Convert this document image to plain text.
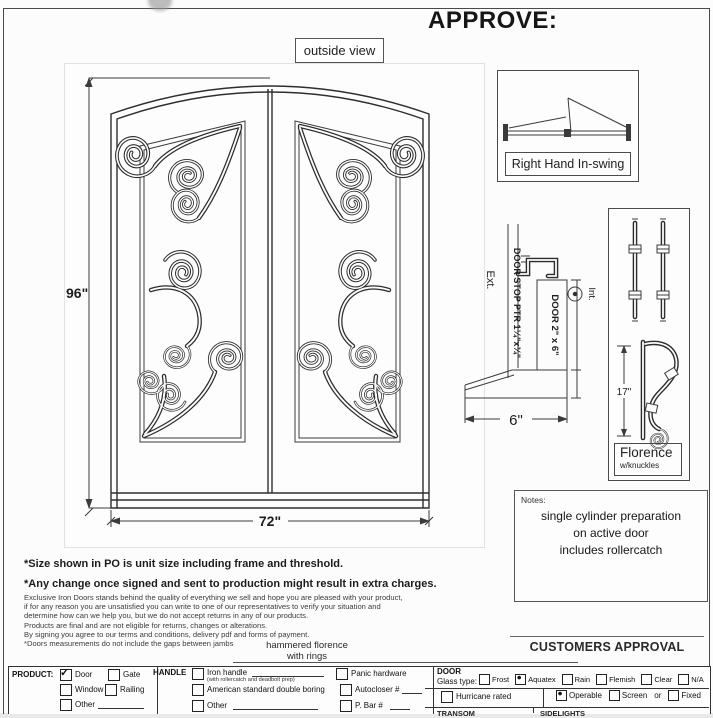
APPROVE:
outside view
96"
72"
Right Hand In-swing
Ext.
Int.
DOOR STOP PTR 1¼"x¾"	DOOR 2" x 6"
6"
17"
Florence
w/knuckles
Notes:
single cylinder preparation
on active door
includes rollercatch
CUSTOMERS APPROVAL
*Size shown in PO is unit size including frame and threshold.
*Any change once signed and sent to production might result in extra charges.
Exclusive Iron Doors stands behind the quality of everything we sell and hope you are pleased with your product,
if for any reason you are unsatisfied you can write to one of our representatives to verify your situation and
determine how can we help you, but we do not accept returns in any of our products.
Products are final and are not eligible for returns, changes or alterations.
By signing you agree to our terms and conditions, delivery pdf and forms of payment.
*Doors measurements do not include the gaps between jambs	hammered florence
with rings
PRODUCT: ✓ Door	Gate
Window Railing
Other
HANDLE	Iron handle
(with rollercatch and deadbolt prep)
American standard double boring
Other
Panic hardware
Autocloser #
P. Bar #
DOOR
Glass type: Frost ● Aquatex	Rain	Flemish	Clear	N/A
Hurricane rated	● Operable	Screen or	Fixed
TRANSOM	SIDELIGHTS
